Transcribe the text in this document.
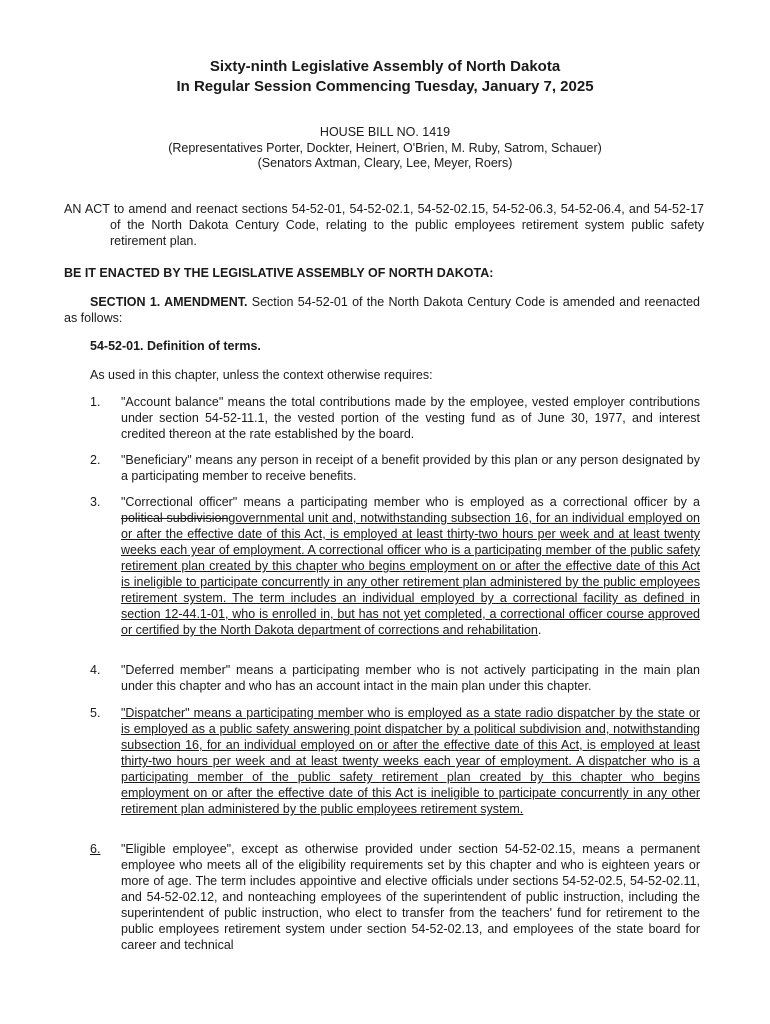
Sixty-ninth Legislative Assembly of North Dakota

In Regular Session Commencing Tuesday, January 7, 2025

HOUSE BILL NO. 1419

(Representatives Porter, Dockter, Heinert, O'Brien, M. Ruby, Satrom, Schauer)

(Senators Axtman, Cleary, Lee, Meyer, Roers)

AN ACT to amend and reenact sections 54-52-01, 54-52-02.1, 54-52-02.15, 54-52-06.3, 54-52-06.4, and 54-52-17 of the North Dakota Century Code, relating to the public employees retirement system public safety retirement plan.

BE IT ENACTED BY THE LEGISLATIVE ASSEMBLY OF NORTH DAKOTA:

SECTION 1. AMENDMENT. Section 54-52-01 of the North Dakota Century Code is amended and reenacted as follows:

54-52-01. Definition of terms.

As used in this chapter, unless the context otherwise requires:

1.	"Account balance" means the total contributions made by the employee, vested employer contributions under section 54-52-11.1, the vested portion of the vesting fund as of June 30, 1977, and interest credited thereon at the rate established by the board.
2.	"Beneficiary" means any person in receipt of a benefit provided by this plan or any person designated by a participating member to receive benefits.
3.	"Correctional officer" means a participating member who is employed as a correctional officer by a political subdivisiongovernmental unit and, notwithstanding subsection 16, for an individual employed on or after the effective date of this Act, is employed at least thirty-two hours per week and at least twenty weeks each year of employment. A correctional officer who is a participating member of the public safety retirement plan created by this chapter who begins employment on or after the effective date of this Act is ineligible to participate concurrently in any other retirement plan administered by the public employees retirement system. The term includes an individual employed by a correctional facility as defined in section 12-44.1-01, who is enrolled in, but has not yet completed, a correctional officer course approved or certified by the North Dakota department of corrections and rehabilitation.
4.	"Deferred member" means a participating member who is not actively participating in the main plan under this chapter and who has an account intact in the main plan under this chapter.
5.	"Dispatcher" means a participating member who is employed as a state radio dispatcher by the state or is employed as a public safety answering point dispatcher by a political subdivision and, notwithstanding subsection 16, for an individual employed on or after the effective date of this Act, is employed at least thirty-two hours per week and at least twenty weeks each year of employment. A dispatcher who is a participating member of the public safety retirement plan created by this chapter who begins employment on or after the effective date of this Act is ineligible to participate concurrently in any other retirement plan administered by the public employees retirement system.
6.	"Eligible employee", except as otherwise provided under section 54-52-02.15, means a permanent employee who meets all of the eligibility requirements set by this chapter and who is eighteen years or more of age. The term includes appointive and elective officials under sections 54-52-02.5, 54-52-02.11, and 54-52-02.12, and nonteaching employees of the superintendent of public instruction, including the superintendent of public instruction, who elect to transfer from the teachers' fund for retirement to the public employees retirement system under section 54-52-02.13, and employees of the state board for career and technical
